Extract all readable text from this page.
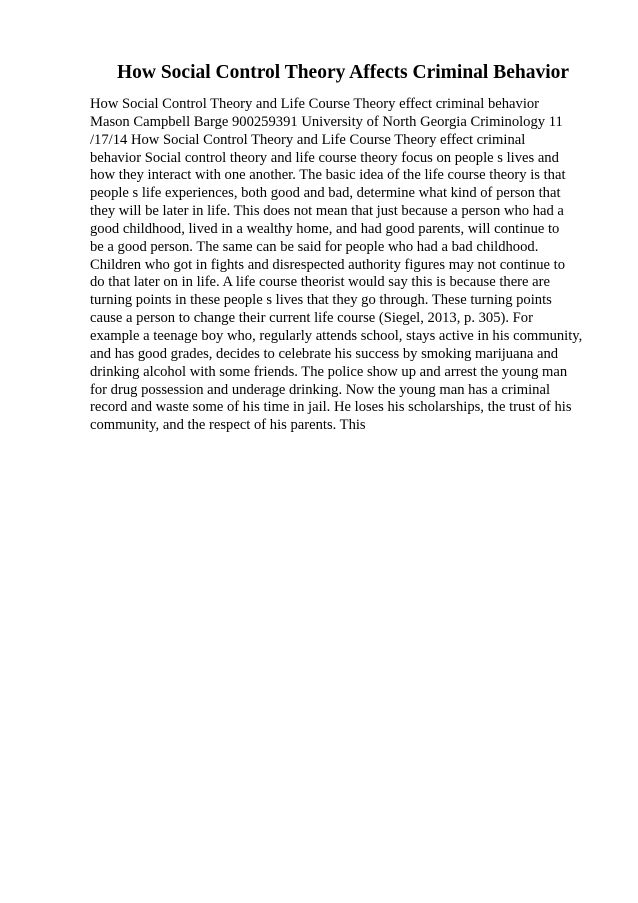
How Social Control Theory Affects Criminal Behavior
How Social Control Theory and Life Course Theory effect criminal behavior
Mason Campbell Barge 900259391 University of North Georgia Criminology 11
/17/14 How Social Control Theory and Life Course Theory effect criminal
behavior Social control theory and life course theory focus on people s lives and
how they interact with one another. The basic idea of the life course theory is that
people s life experiences, both good and bad, determine what kind of person that
they will be later in life. This does not mean that just because a person who had a
good childhood, lived in a wealthy home, and had good parents, will continue to
be a good person. The same can be said for people who had a bad childhood.
Children who got in fights and disrespected authority figures may not continue to
do that later on in life. A life course theorist would say this is because there are
turning points in these people s lives that they go through. These turning points
cause a person to change their current life course (Siegel, 2013, p. 305). For
example a teenage boy who, regularly attends school, stays active in his community,
and has good grades, decides to celebrate his success by smoking marijuana and
drinking alcohol with some friends. The police show up and arrest the young man
for drug possession and underage drinking. Now the young man has a criminal
record and waste some of his time in jail. He loses his scholarships, the trust of his
community, and the respect of his parents. This
